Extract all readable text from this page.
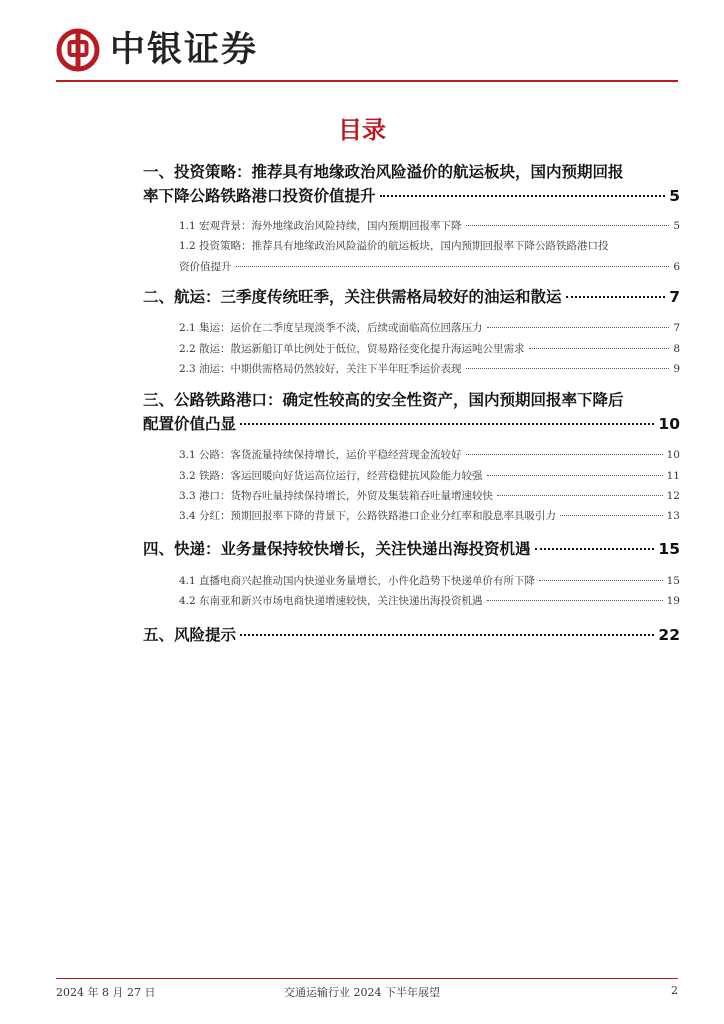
中银证券
目录
一、投资策略：推荐具有地缘政治风险溢价的航运板块，国内预期回报
率下降公路铁路港口投资价值提升	5
1.1 宏观背景：海外地缘政治风险持续，国内预期回报率下降	5
1.2 投资策略：推荐具有地缘政治风险溢价的航运板块，国内预期回报率下降公路铁路港口投
资价值提升	6
二、航运：三季度传统旺季，关注供需格局较好的油运和散运	7
2.1 集运：运价在二季度呈现淡季不淡，后续或面临高位回落压力	7
2.2 散运：散运新船订单比例处于低位，贸易路径变化提升海运吨公里需求	8
2.3 油运：中期供需格局仍然较好，关注下半年旺季运价表现	9
三、公路铁路港口：确定性较高的安全性资产，国内预期回报率下降后
配置价值凸显	10
3.1 公路：客货流量持续保持增长，运价平稳经营现金流较好	10
3.2 铁路：客运回暖向好货运高位运行，经营稳健抗风险能力较强	11
3.3 港口：货物吞吐量持续保持增长，外贸及集装箱吞吐量增速较快	12
3.4 分红：预期回报率下降的背景下，公路铁路港口企业分红率和股息率具吸引力	13
四、快递：业务量保持较快增长，关注快递出海投资机遇	15
4.1 直播电商兴起推动国内快递业务量增长，小件化趋势下快递单价有所下降	15
4.2 东南亚和新兴市场电商快递增速较快，关注快递出海投资机遇	19
五、风险提示	22
2024 年 8 月 27 日	交通运输行业 2024 下半年展望	2
